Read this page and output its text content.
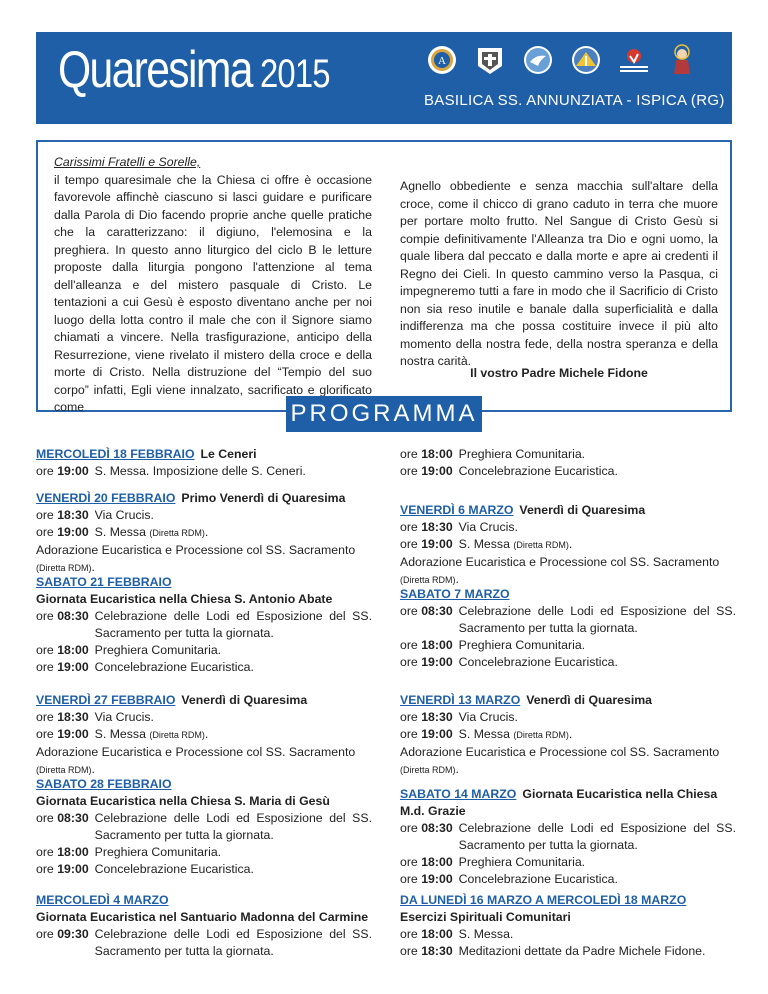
Quaresima 2015	A
BASILICA SS. ANNUNZIATA - ISPICA (RG)
Carissimi Fratelli e Sorelle,
il tempo quaresimale che la Chiesa ci offre è occasione favorevole affinchè ciascuno si lasci guidare e purificare dalla Parola di Dio facendo proprie anche quelle pratiche che la caratterizzano: il digiuno, l'elemosina e la preghiera. In questo anno liturgico del ciclo B le letture proposte dalla liturgia pongono l'attenzione al tema dell'alleanza e del mistero pasquale di Cristo. Le tentazioni a cui Gesù è esposto diventano anche per noi luogo della lotta contro il male che con il Signore siamo chiamati a vincere. Nella trasfigurazione, anticipo della Resurrezione, viene rivelato il mistero della croce e della morte di Cristo. Nella distruzione del “Tempio del suo corpo” infatti, Egli viene innalzato, sacrificato e glorificato come
Agnello obbediente e senza macchia sull'altare della croce, come il chicco di grano caduto in terra che muore per portare molto frutto. Nel Sangue di Cristo Gesù si compie definitivamente l'Alleanza tra Dio e ogni uomo, la quale libera dal peccato e dalla morte e apre ai credenti il Regno dei Cieli. In questo cammino verso la Pasqua, ci impegneremo tutti a fare in modo che il Sacrificio di Cristo non sia reso inutile e banale dalla superficialità e dalla indifferenza ma che possa costituire invece il più alto momento della nostra fede, della nostra speranza e della nostra carità.
Il vostro Padre Michele Fidone
PROGRAMMA
MERCOLEDÌ 18 FEBBRAIO Le Ceneri
ore 19:00 S. Messa. Imposizione delle S. Ceneri.
VENERDÌ 20 FEBBRAIO Primo Venerdì di Quaresima
ore 18:30 Via Crucis.
ore 19:00 S. Messa (Diretta RDM).
Adorazione Eucaristica e Processione col SS. Sacramento (Diretta RDM).
SABATO 21 FEBBRAIO
Giornata Eucaristica nella Chiesa S. Antonio Abate
ore 08:30 Celebrazione delle Lodi ed Esposizione del SS. Sacramento per tutta la giornata.
ore 18:00 Preghiera Comunitaria.
ore 19:00 Concelebrazione Eucaristica.
VENERDÌ 27 FEBBRAIO Venerdì di Quaresima
ore 18:30 Via Crucis.
ore 19:00 S. Messa (Diretta RDM).
Adorazione Eucaristica e Processione col SS. Sacramento (Diretta RDM).
SABATO 28 FEBBRAIO
Giornata Eucaristica nella Chiesa S. Maria di Gesù
ore 08:30 Celebrazione delle Lodi ed Esposizione del SS. Sacramento per tutta la giornata.
ore 18:00 Preghiera Comunitaria.
ore 19:00 Concelebrazione Eucaristica.
MERCOLEDÌ 4 MARZO
Giornata Eucaristica nel Santuario Madonna del Carmine
ore 09:30 Celebrazione delle Lodi ed Esposizione del SS. Sacramento per tutta la giornata.
ore 18:00 Preghiera Comunitaria.
ore 19:00 Concelebrazione Eucaristica.
VENERDÌ 6 MARZO Venerdì di Quaresima
ore 18:30 Via Crucis.
ore 19:00 S. Messa (Diretta RDM).
Adorazione Eucaristica e Processione col SS. Sacramento (Diretta RDM).
SABATO 7 MARZO
ore 08:30 Celebrazione delle Lodi ed Esposizione del SS. Sacramento per tutta la giornata.
ore 18:00 Preghiera Comunitaria.
ore 19:00 Concelebrazione Eucaristica.
VENERDÌ 13 MARZO Venerdì di Quaresima
ore 18:30 Via Crucis.
ore 19:00 S. Messa (Diretta RDM).
Adorazione Eucaristica e Processione col SS. Sacramento (Diretta RDM).
SABATO 14 MARZO Giornata Eucaristica nella Chiesa M.d. Grazie
ore 08:30 Celebrazione delle Lodi ed Esposizione del SS. Sacramento per tutta la giornata.
ore 18:00 Preghiera Comunitaria.
ore 19:00 Concelebrazione Eucaristica.
DA LUNEDÌ 16 MARZO A MERCOLEDÌ 18 MARZO
Esercizi Spirituali Comunitari
ore 18:00 S. Messa.
ore 18:30 Meditazioni dettate da Padre Michele Fidone.
